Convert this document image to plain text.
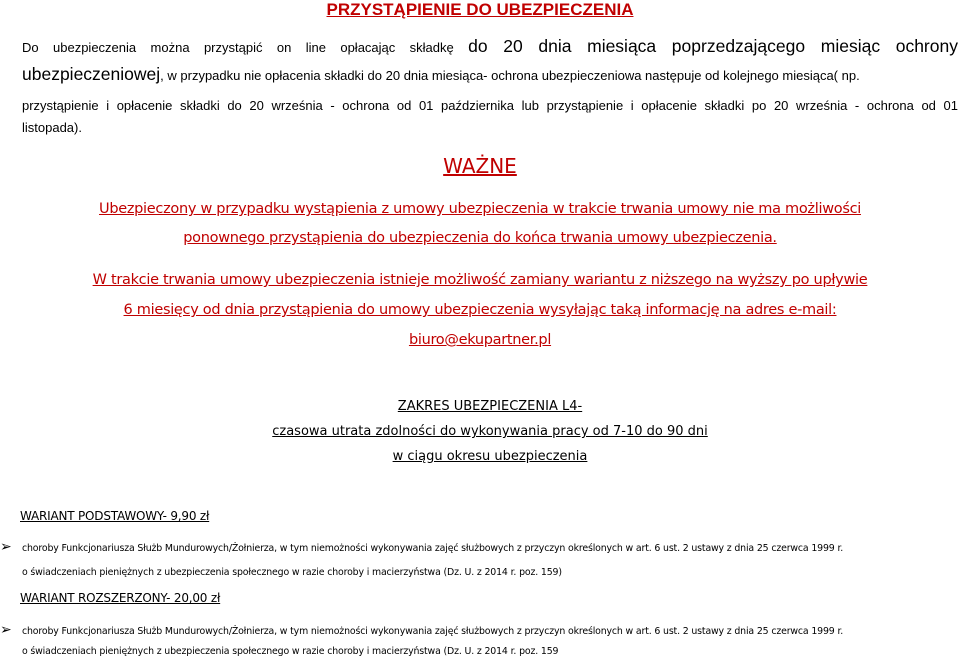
PRZYSTĄPIENIE DO UBEZPIECZENIA

Do ubezpieczenia można przystąpić on line opłacając składkę do 20 dnia miesiąca poprzedzającego miesiąc ochrony

ubezpieczeniowej, w przypadku nie opłacenia składki do 20 dnia miesiąca- ochrona ubezpieczeniowa następuje od kolejnego miesiąca( np.

przystąpienie i opłacenie składki do 20 września - ochrona od 01 października lub przystąpienie i opłacenie składki po 20 września - ochrona od 01

listopada).

WAŻNE
Ubezpieczony w przypadku wystąpienia z umowy ubezpieczenia w trakcie trwania umowy nie ma możliwości
ponownego przystąpienia do ubezpieczenia do końca trwania umowy ubezpieczenia.
W trakcie trwania umowy ubezpieczenia istnieje możliwość zamiany wariantu z niższego na wyższy po upływie
6 miesięcy od dnia przystąpienia do umowy ubezpieczenia wysyłając taką informację na adres e-mail:
biuro@ekupartner.pl
ZAKRES UBEZPIECZENIA L4-
czasowa utrata zdolności do wykonywania pracy od 7-10 do 90 dni
w ciągu okresu ubezpieczenia
WARIANT PODSTAWOWY- 9,90 zł
➢ choroby Funkcjonariusza Służb Mundurowych/Żołnierza, w tym niemożności wykonywania zajęć służbowych z przyczyn określonych w art. 6 ust. 2 ustawy z dnia 25 czerwca 1999 r.
o świadczeniach pieniężnych z ubezpieczenia społecznego w razie choroby i macierzyństwa (Dz. U. z 2014 r. poz. 159)
WARIANT ROZSZERZONY- 20,00 zł
➢ choroby Funkcjonariusza Służb Mundurowych/Żołnierza, w tym niemożności wykonywania zajęć służbowych z przyczyn określonych w art. 6 ust. 2 ustawy z dnia 25 czerwca 1999 r.
o świadczeniach pieniężnych z ubezpieczenia społecznego w razie choroby i macierzyństwa (Dz. U. z 2014 r. poz. 159
